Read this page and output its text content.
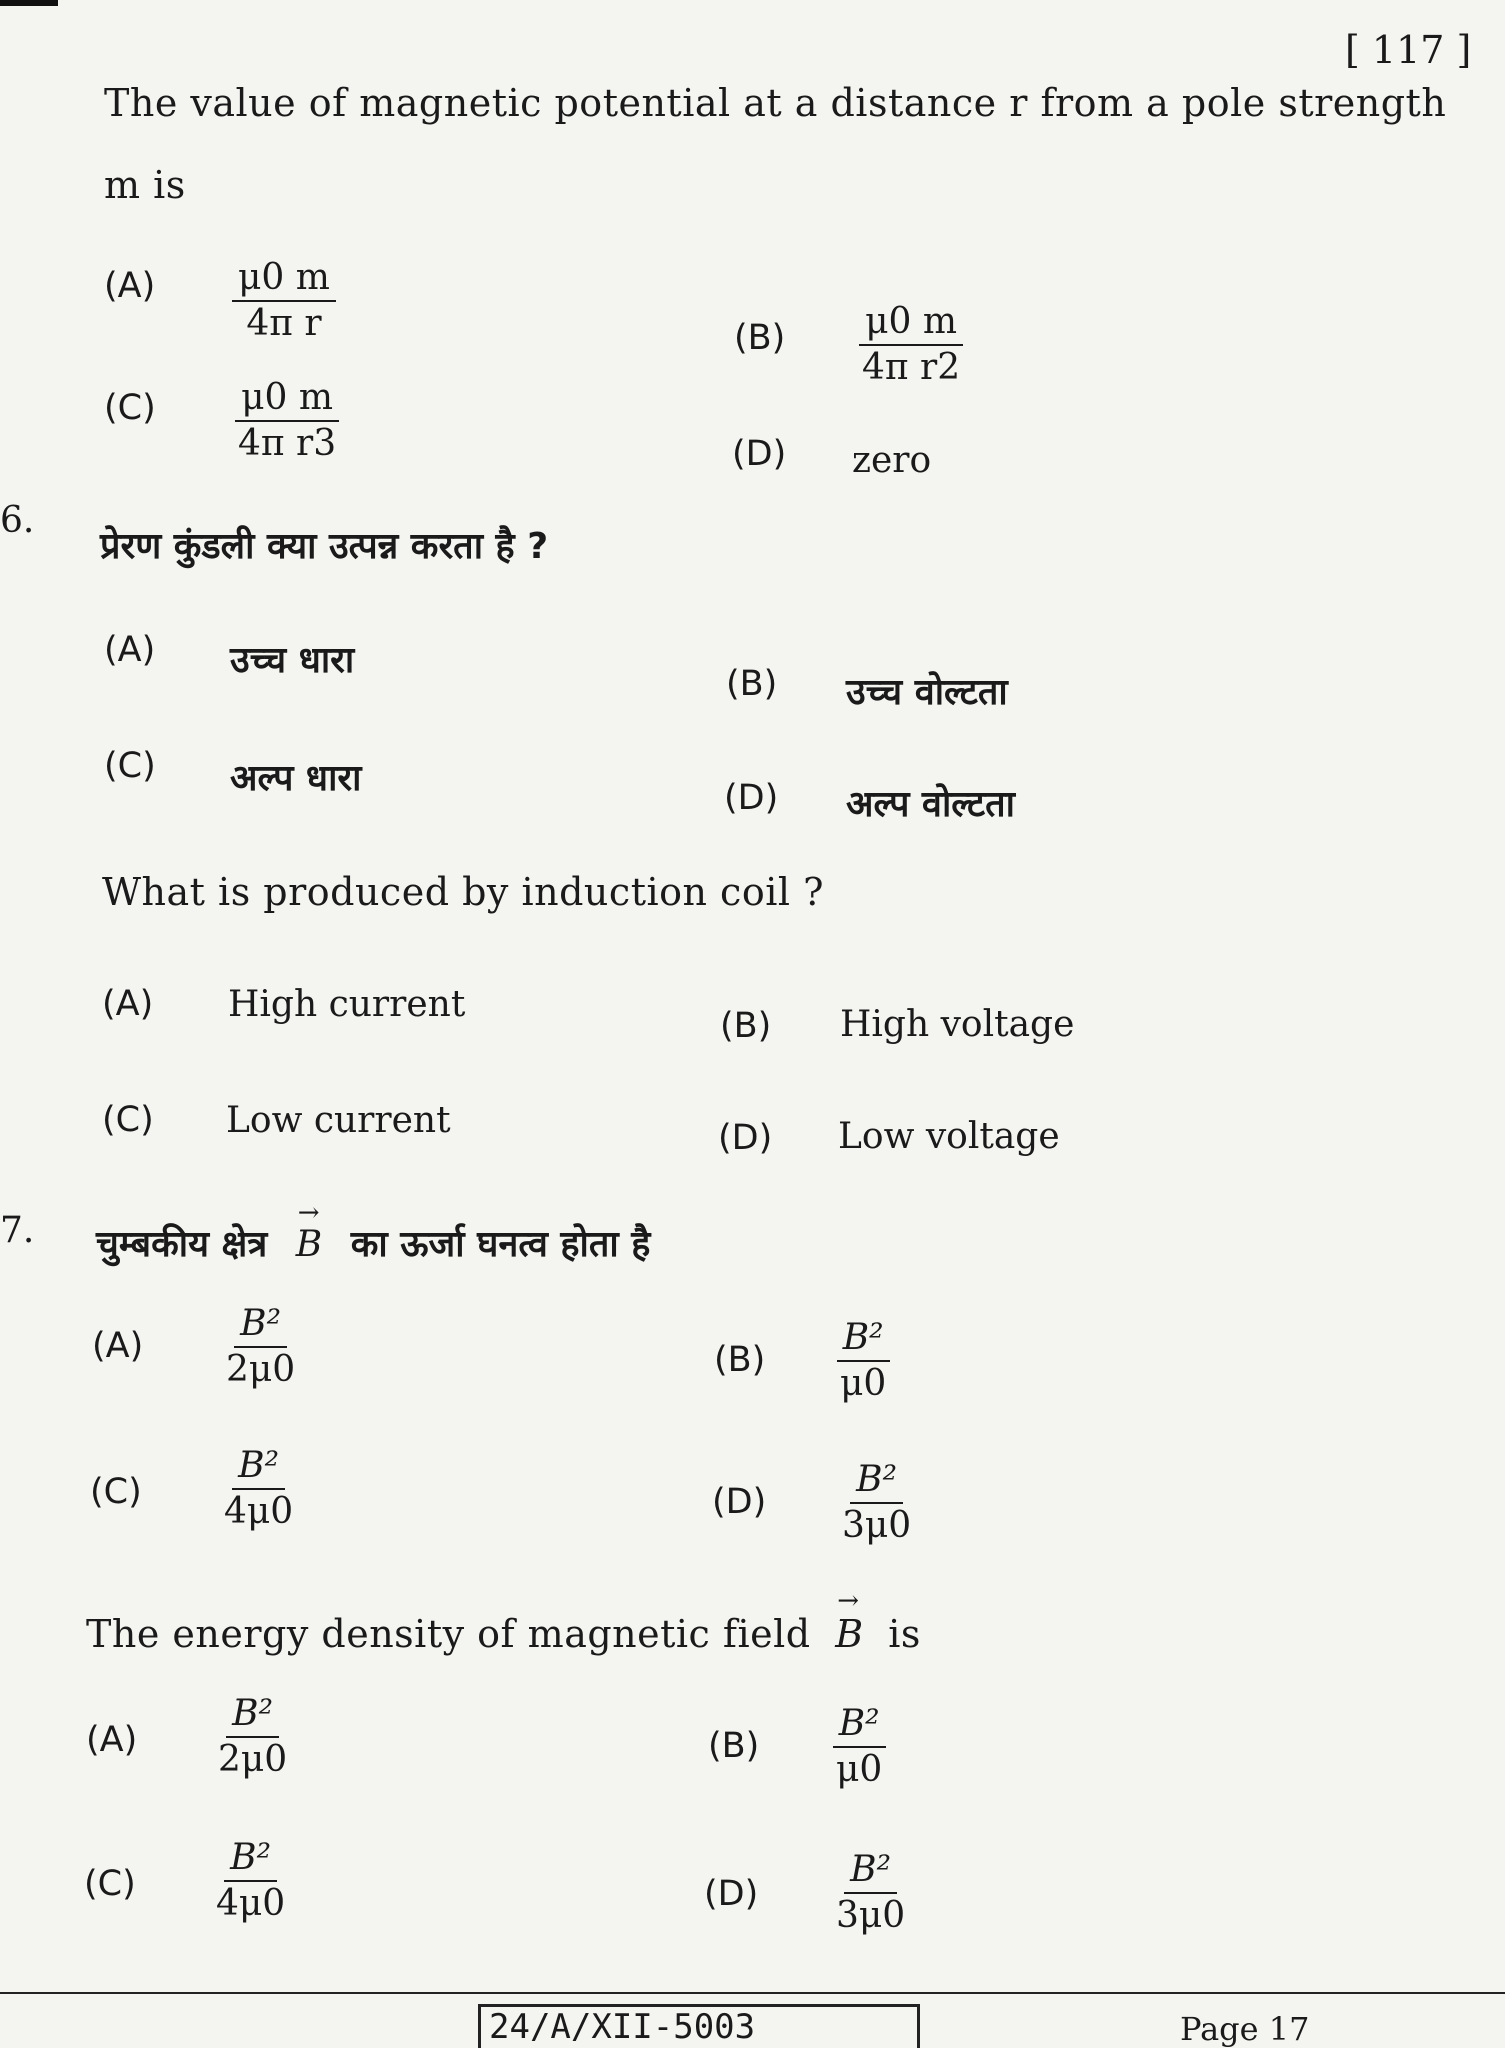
[ 117 ]
The value of magnetic potential at a distance r from a pole strength m is
$(A) \frac{\mu 0 m}{\text{4π r}}$	$(B) \frac{\mu 0 m}{\text{4π r2}}$
$(C) \frac{\mu 0 m}{\text{4π r3}}$	(D) zero
6.
प्रेरण कुंडली क्या उत्पन्न करता है ?
(A) उच्च धारा
(B) उच्च वोल्टता
(C) अल्प धारा	(D) अल्प वोल्टता
What is produced by induction coil ?
(A) High current
(B) High voltage
(C) Low current	(D) Low voltage
7. चुम्बकीय क्षेत्र → B का ऊर्जा घनत्व होता है
$(A) \frac{\text{B²}}{2\mu 0}$	$(B) \frac{\text{B²}}{\mu 0}$
$(C) \frac{\text{B²}}{4\mu 0}$	$(D) \frac{\text{B²}}{3\mu 0}$
The energy density of magnetic field → B is
$(A) \frac{\text{B²}}{2\mu 0}$	$(B) \frac{\text{B²}}{\mu 0}$
$(C) \frac{\text{B²}}{4\mu 0}$	$(D) \frac{\text{B²}}{3\mu 0}$
24/A/XII-5003	Page 17
